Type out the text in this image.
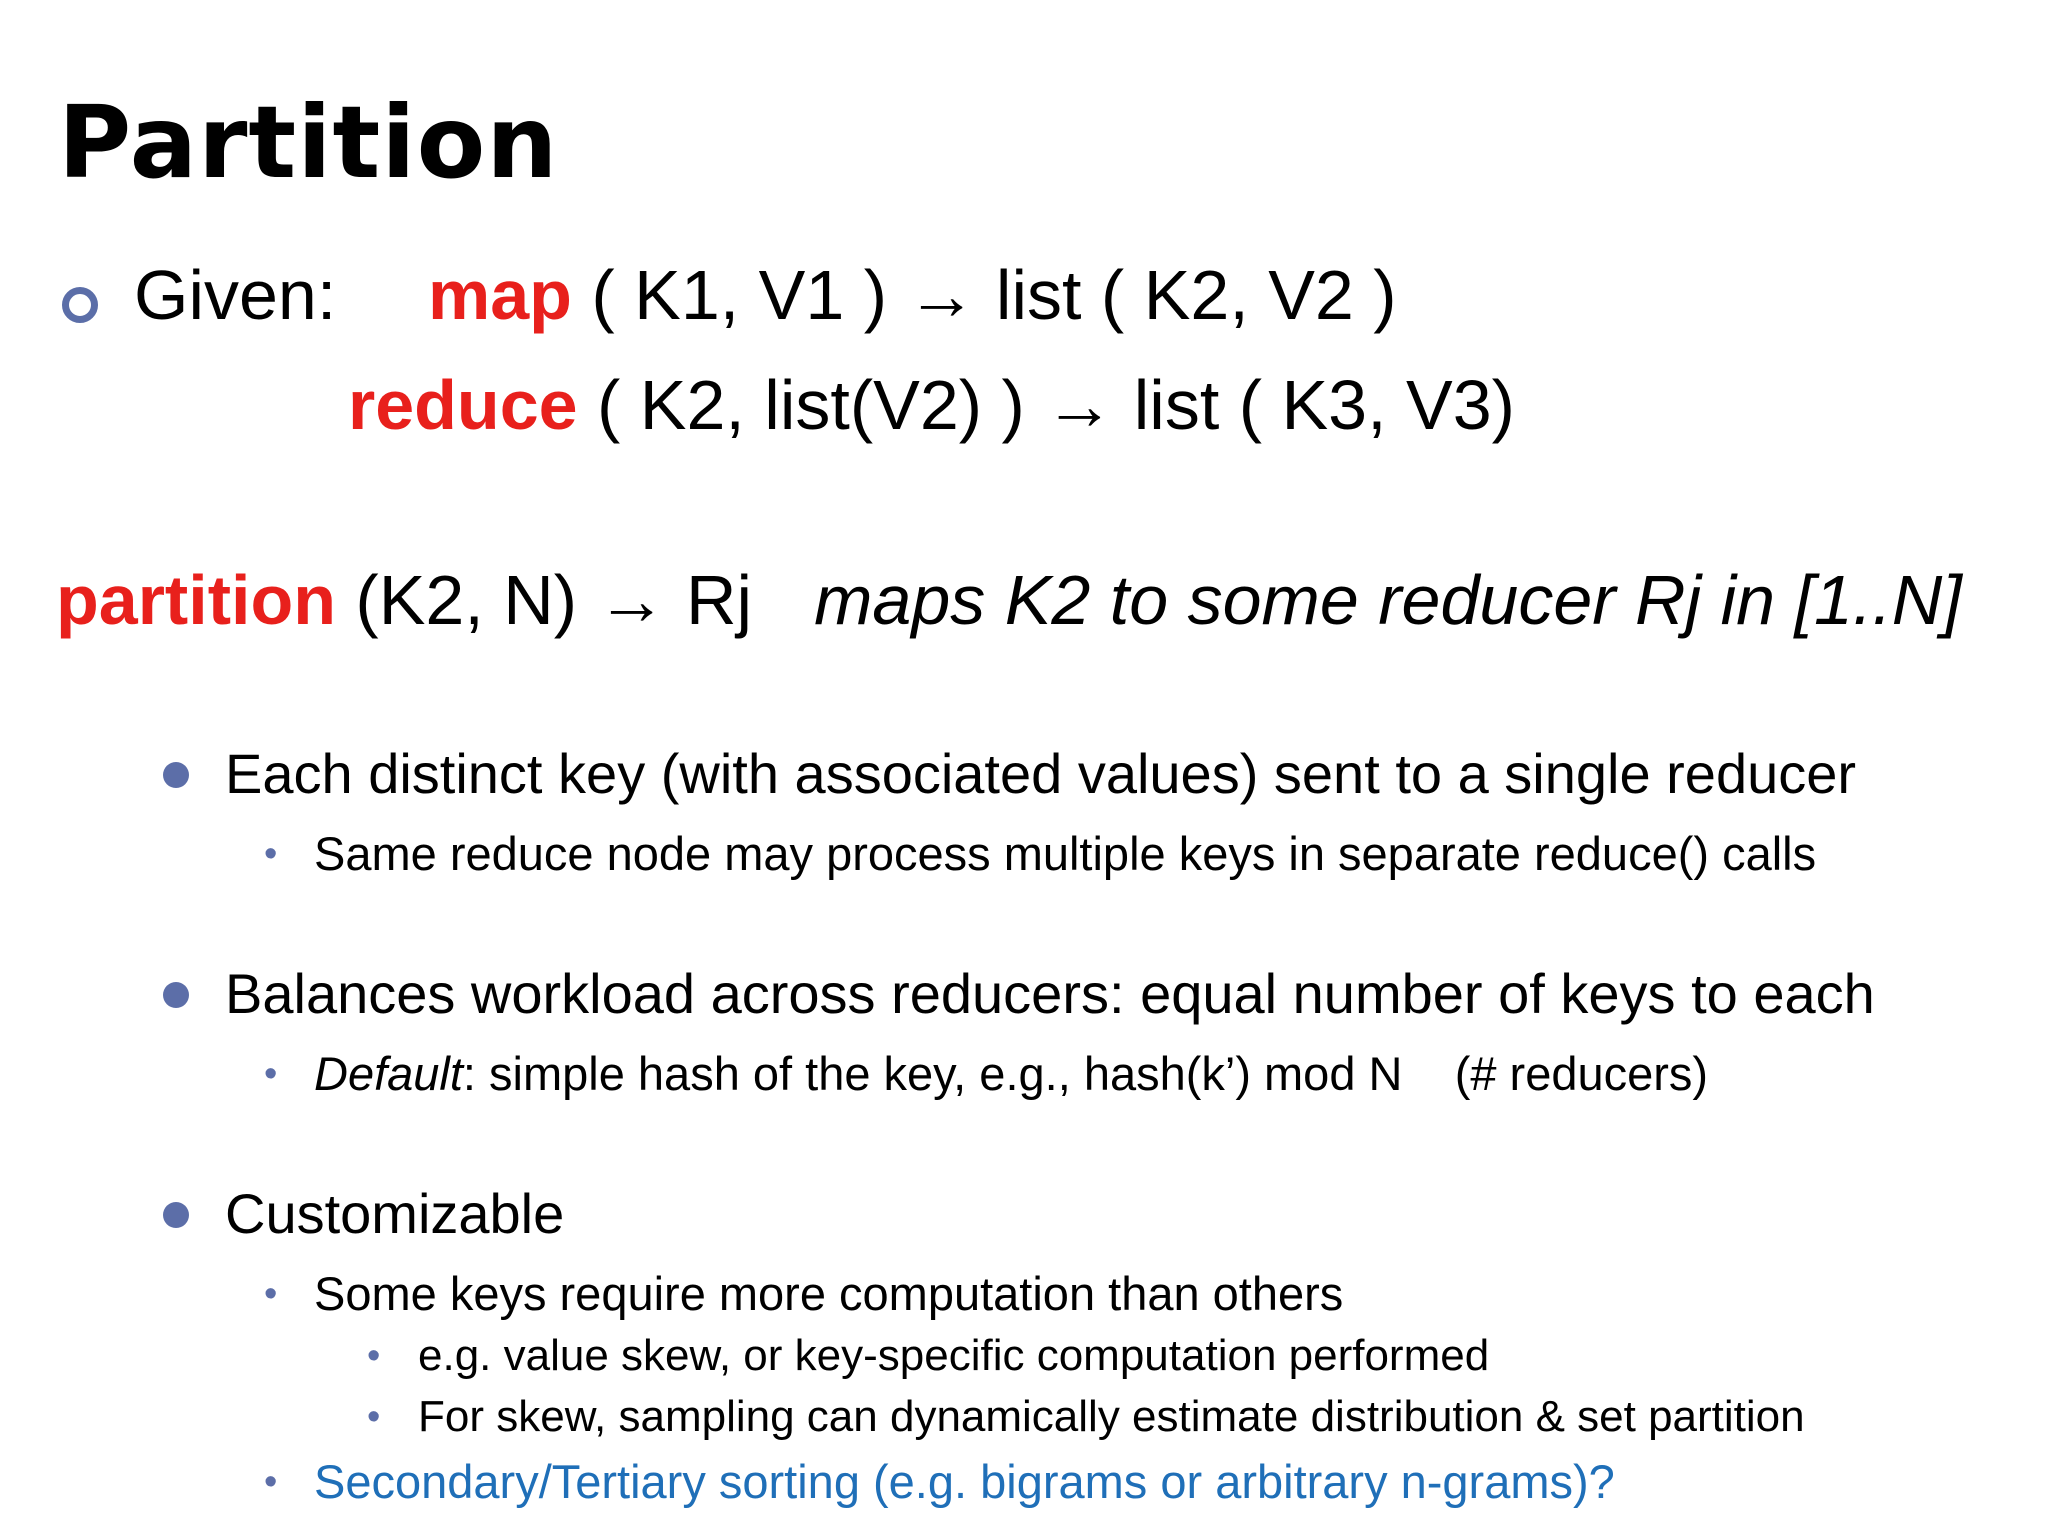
Partition
Given: map ( K1, V1 ) → list ( K2, V2 )
reduce ( K2, list(V2) ) → list ( K3, V3)
partition (K2, N) → Rj maps K2 to some reducer Rj in [1..N]
Each distinct key (with associated values) sent to a single reducer
• Same reduce node may process multiple keys in separate reduce() calls
Balances workload across reducers: equal number of keys to each
• Default: simple hash of the key, e.g., hash(k’) mod N    (# reducers)
Customizable
• Some keys require more computation than others
• e.g. value skew, or key-specific computation performed
• For skew, sampling can dynamically estimate distribution & set partition
• Secondary/Tertiary sorting (e.g. bigrams or arbitrary n-grams)?
